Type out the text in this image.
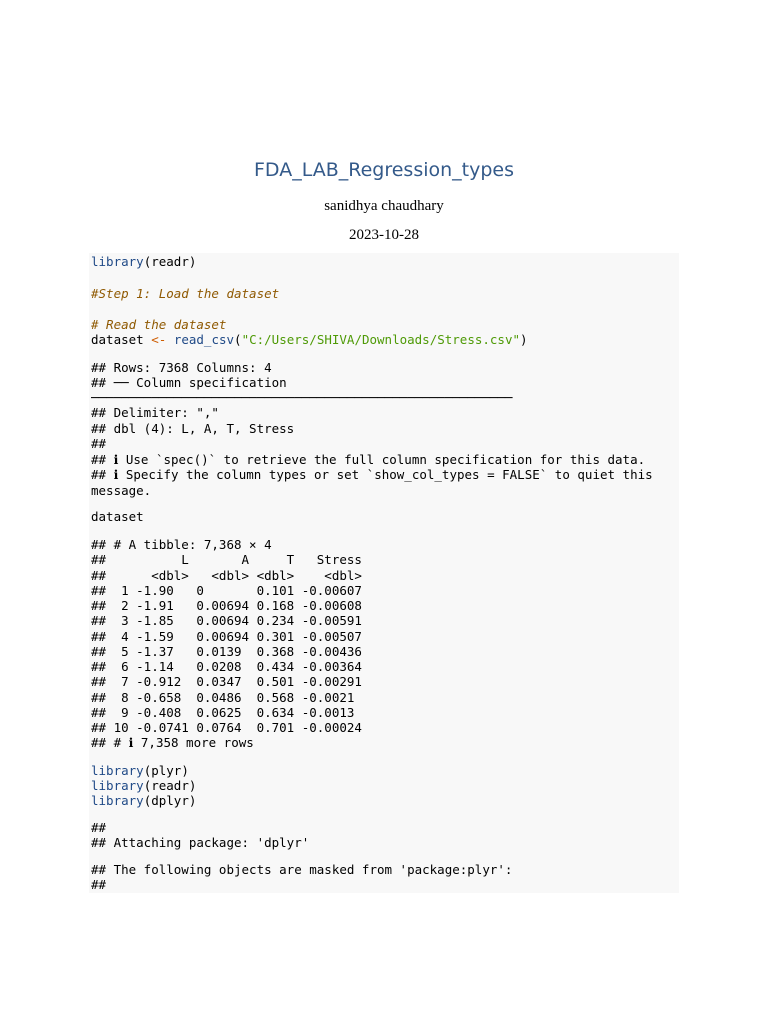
FDA_LAB_Regression_types
sanidhya chaudhary
2023-10-28
library(readr)
#Step 1: Load the dataset
# Read the dataset
dataset <- read_csv("C:/Users/SHIVA/Downloads/Stress.csv")
## Rows: 7368 Columns: 4
## ── Column specification
────────────────────────────────────────────────────────
## Delimiter: ","
## dbl (4): L, A, T, Stress
##
## ℹ Use `spec()` to retrieve the full column specification for this data.
## ℹ Specify the column types or set `show_col_types = FALSE` to quiet this
message.
dataset
## # A tibble: 7,368 × 4
##          L       A     T   Stress
##      <dbl>   <dbl> <dbl>    <dbl>
##  1 -1.90   0       0.101 -0.00607
##  2 -1.91   0.00694 0.168 -0.00608
##  3 -1.85   0.00694 0.234 -0.00591
##  4 -1.59   0.00694 0.301 -0.00507
##  5 -1.37   0.0139  0.368 -0.00436
##  6 -1.14   0.0208  0.434 -0.00364
##  7 -0.912  0.0347  0.501 -0.00291
##  8 -0.658  0.0486  0.568 -0.0021
##  9 -0.408  0.0625  0.634 -0.0013
## 10 -0.0741 0.0764  0.701 -0.00024
## # ℹ 7,358 more rows
library(plyr)
library(readr)
library(dplyr)
##
## Attaching package: 'dplyr'
## The following objects are masked from 'package:plyr':
##
